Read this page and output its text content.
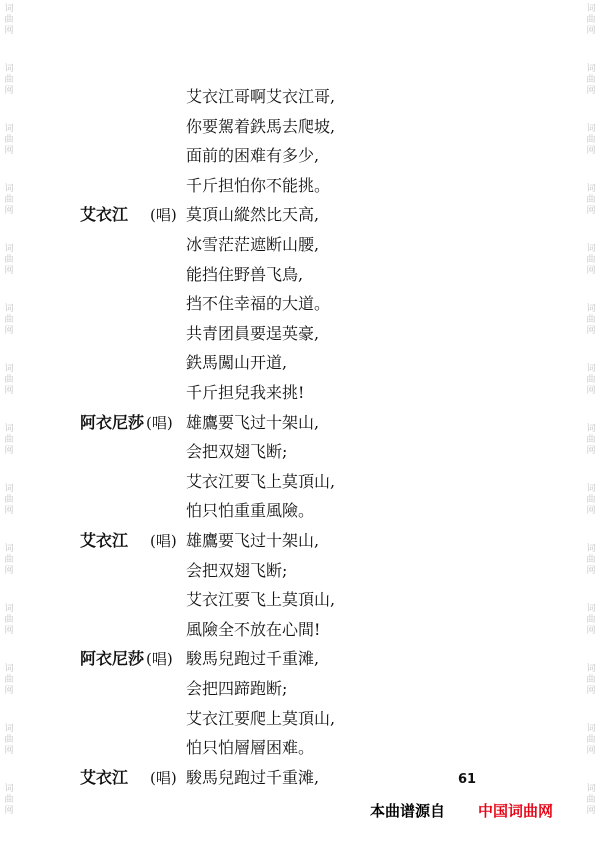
词
曲
网
词
曲
网
词
曲
网
词
曲
网
词
曲
网
词
曲
网
词
曲
网
词
曲
网
词
曲
网
词
曲
网
词
曲
网
词
曲
网
词
曲
网
词
曲
网
词
曲
网
词
曲
网
词
曲
网
词
曲
网
词
曲
网
词
曲
网
词
曲
网
词
曲
网
词
曲
网
词
曲
网
词
曲
网
词
曲
网
词
曲
网
词
曲
网
艾衣江哥啊艾衣江哥,
你要駕着鉄馬去爬坡,
面前的困难有多少,
千斤担怕你不能挑。
艾衣江 (唱) 莫頂山縱然比天高,
冰雪茫茫遮断山腰,
能挡住野兽飞鳥,
挡不住幸福的大道。
共青团員要逞英豪,
鉄馬闖山开道,
千斤担兒我来挑!
阿衣尼莎 (唱) 雄鷹要飞过十架山,
会把双翅飞断;
艾衣江要飞上莫頂山,
怕只怕重重風險。
艾衣江 (唱) 雄鷹要飞过十架山,
会把双翅飞断;
艾衣江要飞上莫頂山,
風險全不放在心間!
阿衣尼莎 (唱) 駿馬兒跑过千重滩,
会把四蹄跑断;
艾衣江要爬上莫頂山,
怕只怕層層困难。
艾衣江 (唱) 駿馬兒跑过千重滩,	61
本曲谱源自 中国词曲网
